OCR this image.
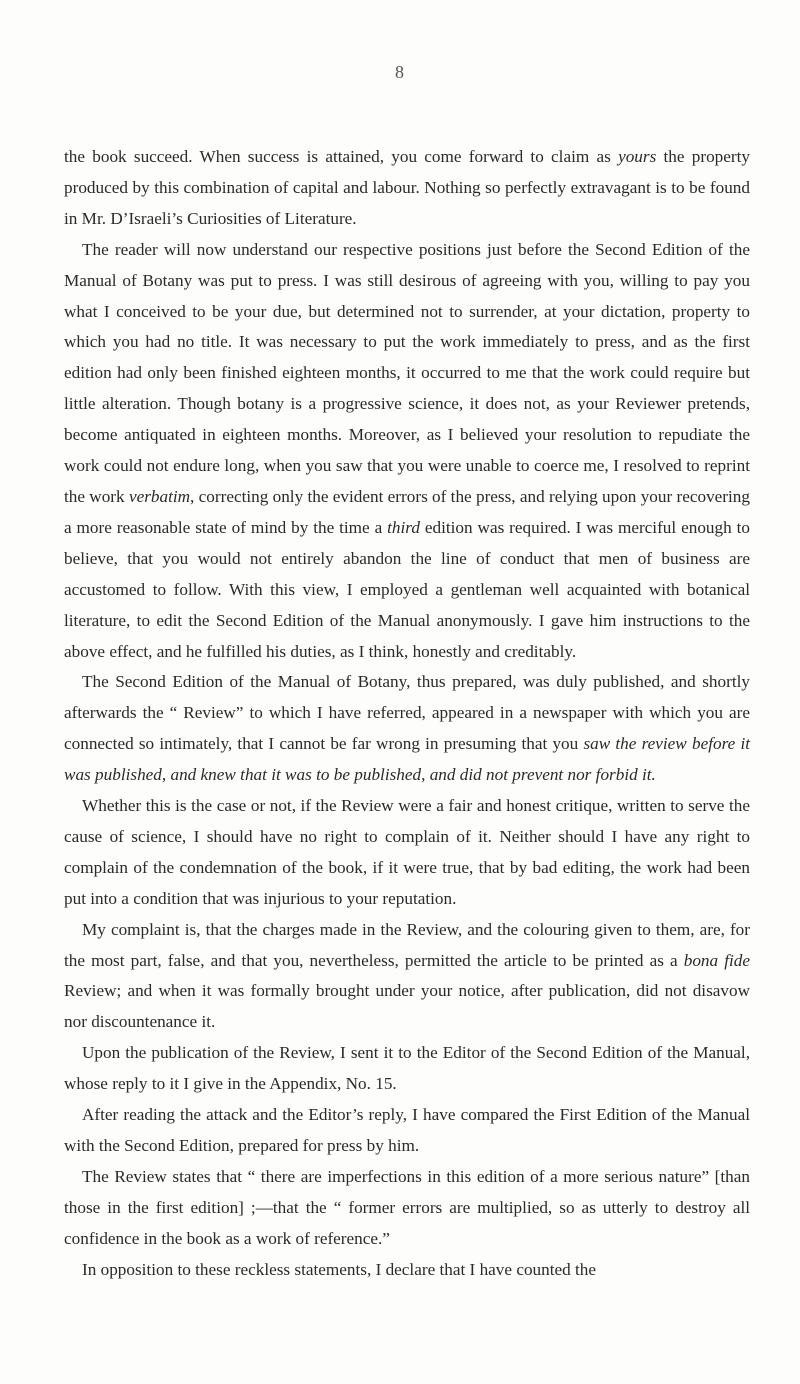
8

the book succeed. When success is attained, you come forward to claim as yours the property produced by this combination of capital and labour. Nothing so perfectly extravagant is to be found in Mr. D’Israeli’s Curiosities of Literature.

The reader will now understand our respective positions just before the Second Edition of the Manual of Botany was put to press. I was still desirous of agreeing with you, willing to pay you what I conceived to be your due, but determined not to surrender, at your dictation, property to which you had no title. It was necessary to put the work immediately to press, and as the first edition had only been finished eighteen months, it occurred to me that the work could require but little alteration. Though botany is a progressive science, it does not, as your Reviewer pretends, become antiquated in eighteen months. Moreover, as I believed your resolution to repudiate the work could not endure long, when you saw that you were unable to coerce me, I resolved to reprint the work verbatim, correcting only the evident errors of the press, and relying upon your recovering a more reasonable state of mind by the time a third edition was required. I was merciful enough to believe, that you would not entirely abandon the line of conduct that men of business are accustomed to follow. With this view, I employed a gentleman well acquainted with botanical literature, to edit the Second Edition of the Manual anonymously. I gave him instructions to the above effect, and he fulfilled his duties, as I think, honestly and creditably.

The Second Edition of the Manual of Botany, thus prepared, was duly published, and shortly afterwards the “ Review” to which I have referred, appeared in a newspaper with which you are connected so intimately, that I cannot be far wrong in presuming that you saw the review before it was published, and knew that it was to be published, and did not prevent nor forbid it.

Whether this is the case or not, if the Review were a fair and honest critique, written to serve the cause of science, I should have no right to complain of it. Neither should I have any right to complain of the condemnation of the book, if it were true, that by bad editing, the work had been put into a condition that was injurious to your reputation.

My complaint is, that the charges made in the Review, and the colouring given to them, are, for the most part, false, and that you, nevertheless, permitted the article to be printed as a bona fide Review; and when it was formally brought under your notice, after publication, did not disavow nor discountenance it.

Upon the publication of the Review, I sent it to the Editor of the Second Edition of the Manual, whose reply to it I give in the Appendix, No. 15.

After reading the attack and the Editor’s reply, I have compared the First Edition of the Manual with the Second Edition, prepared for press by him.

The Review states that “ there are imperfections in this edition of a more serious nature” [than those in the first edition] ;—that the “ former errors are multiplied, so as utterly to destroy all confidence in the book as a work of reference.”

In opposition to these reckless statements, I declare that I have counted the
